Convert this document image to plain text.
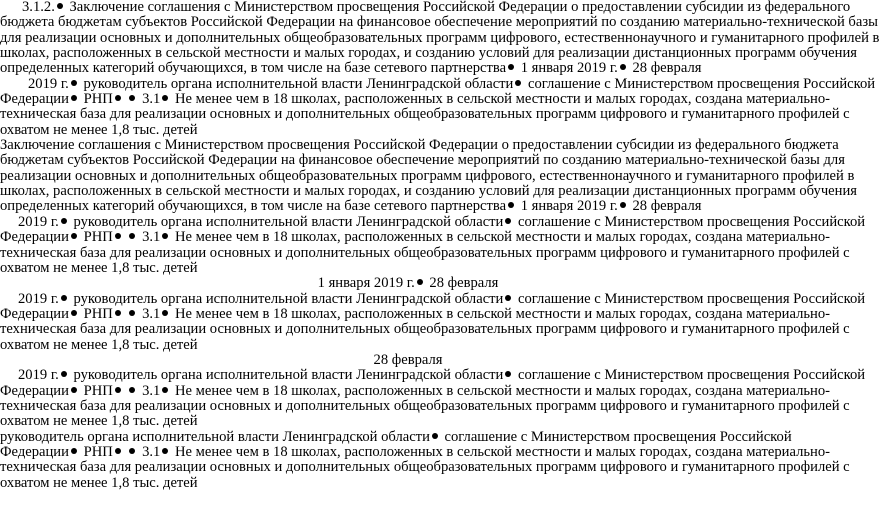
3.1.2. Заключение соглашения с Министерством просвещения Российской Федерации о предоставлении субсидии из федерального
бюджета бюджетам субъектов Российской Федерации на финансовое обеспечение мероприятий по созданию материально-технической базы
для реализации основных и дополнительных общеобразовательных программ цифрового, естественнонаучного и гуманитарного профилей в
школах, расположенных в сельской местности и малых городах, и созданию условий для реализации дистанционных программ обучения
определенных категорий обучающихся, в том числе на базе сетевого партнерства 1 января 2019 г. 28 февраля
2019 г. руководитель органа исполнительной власти Ленинградской области соглашение с Министерством просвещения Российской
Федерации РНП 3.1 Не менее чем в 18 школах, расположенных в сельской местности и малых городах, создана материально-
техническая база для реализации основных и дополнительных общеобразовательных программ цифрового и гуманитарного профилей с
охватом не менее 1,8 тыс. детей
Заключение соглашения с Министерством просвещения Российской Федерации о предоставлении субсидии из федерального бюджета
бюджетам субъектов Российской Федерации на финансовое обеспечение мероприятий по созданию материально-технической базы для
реализации основных и дополнительных общеобразовательных программ цифрового, естественнонаучного и гуманитарного профилей в
школах, расположенных в сельской местности и малых городах, и созданию условий для реализации дистанционных программ обучения
определенных категорий обучающихся, в том числе на базе сетевого партнерства 1 января 2019 г. 28 февраля
2019 г. руководитель органа исполнительной власти Ленинградской области соглашение с Министерством просвещения Российской
Федерации РНП 3.1 Не менее чем в 18 школах, расположенных в сельской местности и малых городах, создана материально-
техническая база для реализации основных и дополнительных общеобразовательных программ цифрового и гуманитарного профилей с
охватом не менее 1,8 тыс. детей
1 января 2019 г. 28 февраля
2019 г. руководитель органа исполнительной власти Ленинградской области соглашение с Министерством просвещения Российской
Федерации РНП 3.1 Не менее чем в 18 школах, расположенных в сельской местности и малых городах, создана материально-
техническая база для реализации основных и дополнительных общеобразовательных программ цифрового и гуманитарного профилей с
охватом не менее 1,8 тыс. детей
28 февраля
2019 г. руководитель органа исполнительной власти Ленинградской области соглашение с Министерством просвещения Российской
Федерации РНП 3.1 Не менее чем в 18 школах, расположенных в сельской местности и малых городах, создана материально-
техническая база для реализации основных и дополнительных общеобразовательных программ цифрового и гуманитарного профилей с
охватом не менее 1,8 тыс. детей
руководитель органа исполнительной власти Ленинградской области соглашение с Министерством просвещения Российской
Федерации РНП 3.1 Не менее чем в 18 школах, расположенных в сельской местности и малых городах, создана материально-
техническая база для реализации основных и дополнительных общеобразовательных программ цифрового и гуманитарного профилей с
охватом не менее 1,8 тыс. детей
